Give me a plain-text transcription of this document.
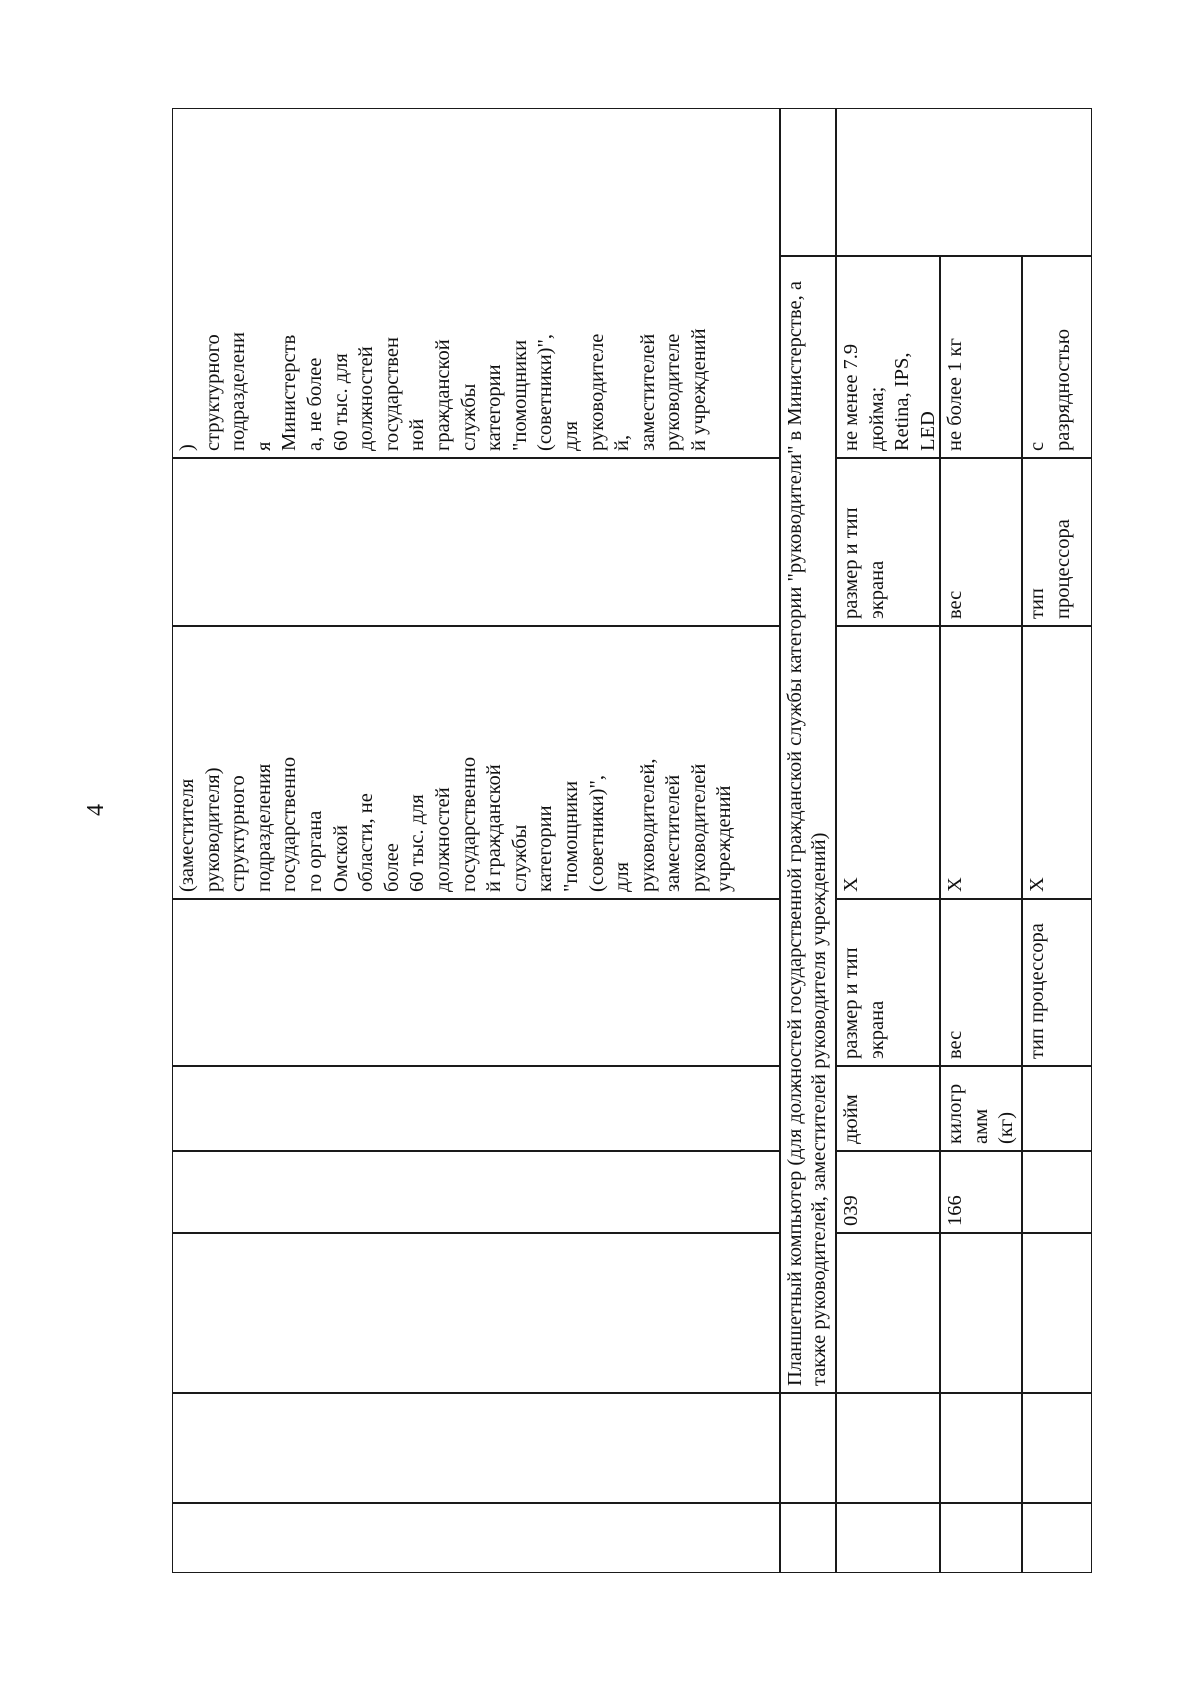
4	(заместителя
руководителя)
структурного
подразделения
государственно
го органа
Омской
области, не
более
60 тыс. для
должностей
государственно
й гражданской
службы
категории
"помощники
(советники)",
для
руководителей,
заместителей
руководителей
учреждений
)
структурного
подразделени
я
Министерств
а, не более
60 тыс. для
должностей
государствен
ной
гражданской
службы
категории
"помощники
(советники)",
для
руководителе
й,
заместителей
руководителе
й учреждений	Планшетный компьютер (для должностей государственной гражданской службы категории "руководители" в Министерстве, а также руководителей, заместителей руководителя учреждений) 039
дюйм
размер и тип
экрана
X
размер и тип
экрана
не менее 7.9
дюйма;
Retina, IPS,
LED
166
килогр
амм
(кг)
вес
X
вес
не более 1 кг
тип процессора
X
тип
процессора
с
разрядностью
